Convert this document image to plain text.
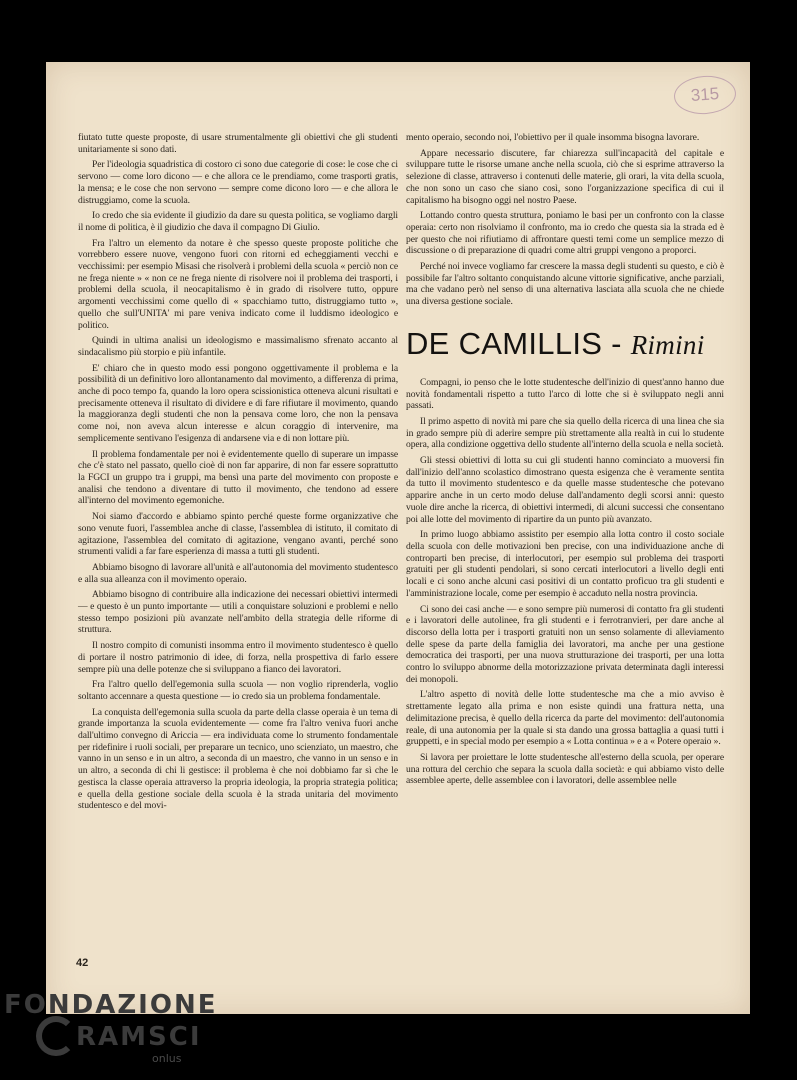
315

fiutato tutte queste proposte, di usare strumentalmente gli obiettivi che gli studenti unitariamente si sono dati.

Per l'ideologia squadristica di costoro ci sono due categorie di cose: le cose che ci servono — come loro dicono — e che allora ce le prendiamo, come trasporti gratis, la mensa; e le cose che non servono — sempre come dicono loro — e che allora le distruggiamo, come la scuola.

Io credo che sia evidente il giudizio da dare su questa politica, se vogliamo dargli il nome di politica, è il giudizio che dava il compagno Di Giulio.

Fra l'altro un elemento da notare è che spesso queste proposte politiche che vorrebbero essere nuove, vengono fuori con ritorni ed echeggiamenti vecchi e vecchissimi: per esempio Misasi che risolverà i problemi della scuola « perciò non ce ne frega niente » « non ce ne frega niente di risolvere noi il problema dei trasporti, i problemi della scuola, il neocapitalismo è in grado di risolvere tutto, oppure argomenti vecchissimi come quello di « spacchiamo tutto, distruggiamo tutto », quello che sull'UNITA' mi pare veniva indicato come il luddismo ideologico e politico.

Quindi in ultima analisi un ideologismo e massimalismo sfrenato accanto al sindacalismo più storpio e più infantile.

E' chiaro che in questo modo essi pongono oggettivamente il problema e la possibilità di un definitivo loro allontanamento dal movimento, a differenza di prima, anche di poco tempo fa, quando la loro opera scissionistica otteneva alcuni risultati e precisamente otteneva il risultato di dividere e di fare rifiutare il movimento, quando la maggioranza degli studenti che non la pensava come loro, che non la pensava come noi, non aveva alcun interesse e alcun coraggio di intervenire, ma semplicemente sentivano l'esigenza di andarsene via e di non lottare più.

Il problema fondamentale per noi è evidentemente quello di superare un impasse che c'è stato nel passato, quello cioè di non far apparire, di non far essere soprattutto la FGCI un gruppo tra i gruppi, ma bensì una parte del movimento con proposte e analisi che tendono a diventare di tutto il movimento, che tendono ad essere all'interno del movimento egemoniche.

Noi siamo d'accordo e abbiamo spinto perché queste forme organizzative che sono venute fuori, l'assemblea anche di classe, l'assemblea di istituto, il comitato di agitazione, l'assemblea del comitato di agitazione, vengano avanti, perché sono strumenti validi a far fare esperienza di massa a tutti gli studenti.

Abbiamo bisogno di lavorare all'unità e all'autonomia del movimento studentesco e alla sua alleanza con il movimento operaio.

Abbiamo bisogno di contribuire alla indicazione dei necessari obiettivi intermedi — e questo è un punto importante — utili a conquistare soluzioni e problemi e nello stesso tempo posizioni più avanzate nell'ambito della strategia delle riforme di struttura.

Il nostro compito di comunisti insomma entro il movimento studentesco è quello di portare il nostro patrimonio di idee, di forza, nella prospettiva di farlo essere sempre più una delle potenze che si sviluppano a fianco dei lavoratori.

Fra l'altro quello dell'egemonia sulla scuola — non voglio riprenderla, voglio soltanto accennare a questa questione — io credo sia un problema fondamentale.

La conquista dell'egemonia sulla scuola da parte della classe operaia è un tema di grande importanza la scuola evidentemente — come fra l'altro veniva fuori anche dall'ultimo convegno di Ariccia — era individuata come lo strumento fondamentale per ridefinire i ruoli sociali, per preparare un tecnico, uno scienziato, un maestro, che vanno in un senso e in un altro, a seconda di un maestro, che vanno in un senso e in un altro, a seconda di chi li gestisce: il problema è che noi dobbiamo far sì che le gestisca la classe operaia attraverso la propria ideologia, la propria strategia politica; e quella della gestione sociale della scuola è la strada unitaria del movimento studentesco e del movi-

mento operaio, secondo noi, l'obiettivo per il quale insomma bisogna lavorare.

Appare necessario discutere, far chiarezza sull'incapacità del capitale e sviluppare tutte le risorse umane anche nella scuola, ciò che si esprime attraverso la selezione di classe, attraverso i contenuti delle materie, gli orari, la vita della scuola, che non sono un caso che siano così, sono l'organizzazione specifica di cui il capitalismo ha bisogno oggi nel nostro Paese.

Lottando contro questa struttura, poniamo le basi per un confronto con la classe operaia: certo non risolviamo il confronto, ma io credo che questa sia la strada ed è per questo che noi rifiutiamo di affrontare questi temi come un semplice mezzo di discussione o di preparazione di quadri come altri gruppi vengono a proporci.

Perché noi invece vogliamo far crescere la massa degli studenti su questo, e ciò è possibile far l'altro soltanto conquistando alcune vittorie significative, anche parziali, ma che vadano però nel senso di una alternativa lasciata alla scuola che ne chiede una diversa gestione sociale.

DE CAMILLIS - Rimini

Compagni, io penso che le lotte studentesche dell'inizio di quest'anno hanno due novità fondamentali rispetto a tutto l'arco di lotte che si è sviluppato negli anni passati.

Il primo aspetto di novità mi pare che sia quello della ricerca di una linea che sia in grado sempre più di aderire sempre più strettamente alla realtà in cui lo studente opera, alla condizione oggettiva dello studente all'interno della scuola e nella società.

Gli stessi obiettivi di lotta su cui gli studenti hanno cominciato a muoversi fin dall'inizio dell'anno scolastico dimostrano questa esigenza che è veramente sentita da tutto il movimento studentesco e da quelle masse studentesche che potevano apparire anche in un certo modo deluse dall'andamento degli scorsi anni: questo vuole dire anche la ricerca, di obiettivi intermedi, di alcuni successi che consentano poi alle lotte del movimento di ripartire da un punto più avanzato.

In primo luogo abbiamo assistito per esempio alla lotta contro il costo sociale della scuola con delle motivazioni ben precise, con una individuazione anche di controparti ben precise, di interlocutori, per esempio sul problema dei trasporti gratuiti per gli studenti pendolari, si sono cercati interlocutori a livello degli enti locali e ci sono anche alcuni casi positivi di un contatto proficuo tra gli studenti e l'amministrazione locale, come per esempio è accaduto nella nostra provincia.

Ci sono dei casi anche — e sono sempre più numerosi di contatto fra gli studenti e i lavoratori delle autolinee, fra gli studenti e i ferrotranvieri, per dare anche al discorso della lotta per i trasporti gratuiti non un senso solamente di alleviamento delle spese da parte della famiglia dei lavoratori, ma anche per una gestione democratica dei trasporti, per una nuova strutturazione dei trasporti, per una lotta contro lo sviluppo abnorme della motorizzazione privata determinata dagli interessi dei monopoli.

L'altro aspetto di novità delle lotte studentesche ma che a mio avviso è strettamente legato alla prima e non esiste quindi una frattura netta, una delimitazione precisa, è quello della ricerca da parte del movimento: dell'autonomia reale, di una autonomia per la quale si sta dando una grossa battaglia a quasi tutti i gruppetti, e in special modo per esempio a « Lotta continua » e a « Potere operaio ».

Si lavora per proiettare le lotte studentesche all'esterno della scuola, per operare una rottura del cerchio che separa la scuola dalla società: e qui abbiamo visto delle assemblee aperte, delle assemblee con i lavoratori, delle assemblee nelle

42
FONDAZIONE
RAMSCI
onlus
